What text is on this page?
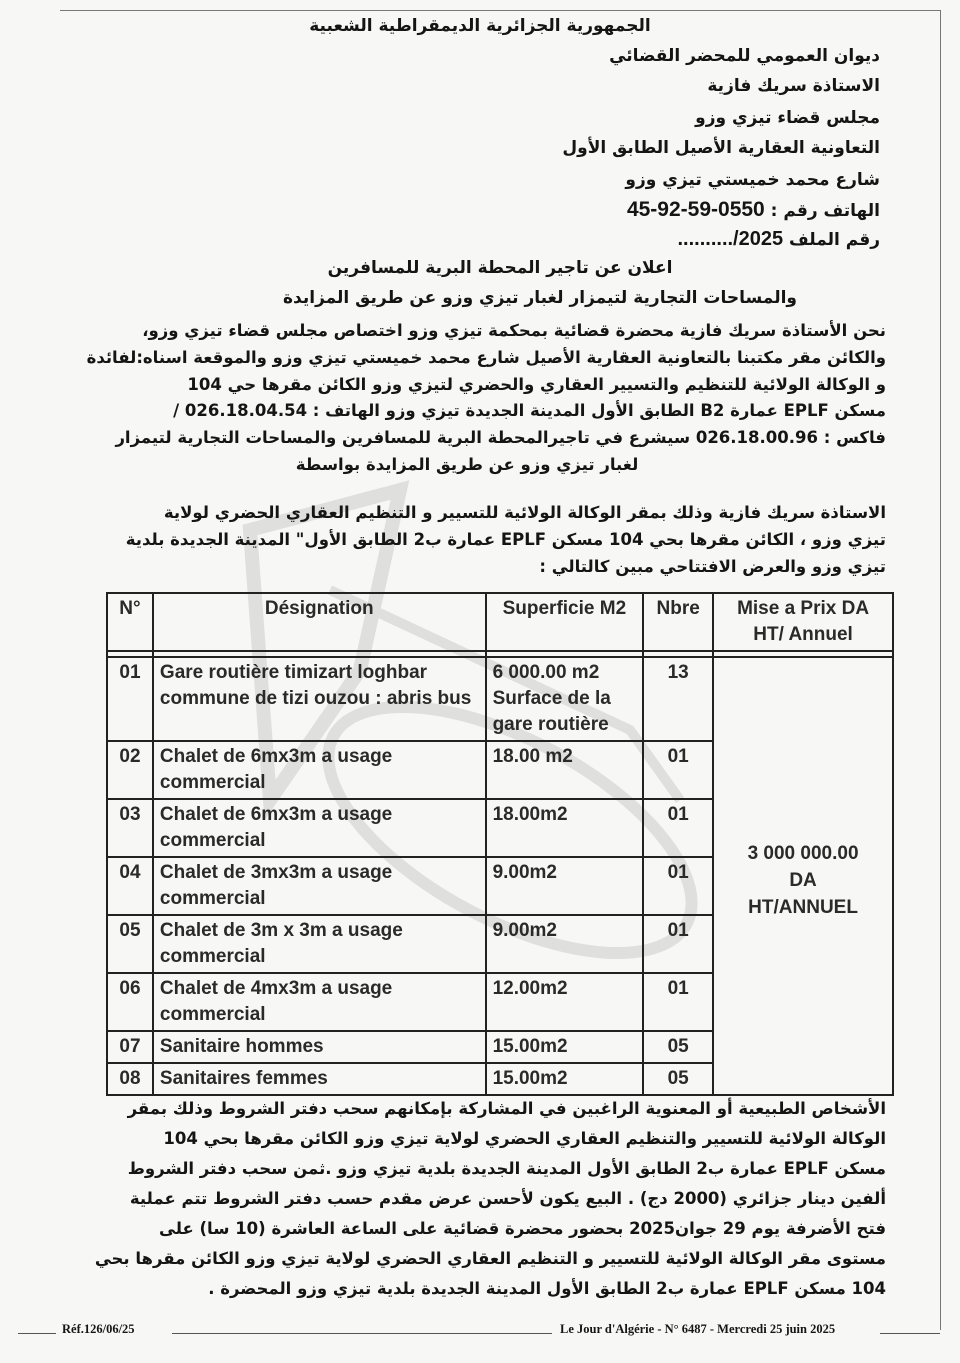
الجمهورية الجزائرية الديمقراطية الشعبية
ديوان العمومي للمحضر القضائي
الاستاذة سريك فازية
مجلس قضاء تيزي وزو
التعاونية العقارية الأصيل الطابق الأول
شارع محمد خميستي تيزي وزو
الهاتف رقم : 0550-59-92-45
رقم الملف 2025/..........
اعلان عن تاجير المحطة البرية للمسافرين
والمساحات التجارية لتيمزار لغبار تيزي وزو عن طريق المزايدة
نحن الأستاذة سريك فازية محضرة قضائية بمحكمة تيزي وزو اختصاص مجلس قضاء تيزي وزو،
والكائن مقر مكتبنا بالتعاونية العقارية الأصيل شارع محمد خميستي تيزي وزو والموقعة اسناه:لفائدة
و الوكالة الولائية للتنظيم والتسيير العقاري والحضري لتيزي وزو الكائن مقرها حي 104
مسكن EPLF عمارة B2 الطابق الأول المدينة الجديدة تيزي وزو الهاتف : 026.18.04.54 /
فاكس : 026.18.00.96 سيشرع في تاجيرالمحطة البرية للمسافرين والمساحات التجارية لتيمزار
لغبار تيزي وزو عن طريق المزايدة بواسطة
الاستاذة سريك فازية وذلك بمقر الوكالة الولائية للتسيير و التنظيم العقاري الحضري لولاية
تيزي وزو ، الكائن مقرها بحي 104 مسكن EPLF عمارة ب2 الطابق الأول" المدينة الجديدة بلدية
تيزي وزو والعرض الافتتاحي مبين كالتالي :
N°	Désignation	Superficie M2	Nbre	Mise a Prix DA HT/ Annuel

01	Gare routière timizart loghbar commune de tizi ouzou : abris bus	6 000.00 m2 Surface de la gare routière	13	3 000 000.00 DA HT/ANNUEL

02	Chalet de 6mx3m a usage commercial	18.00 m2	01	
03	Chalet de 6mx3m a usage commercial	18.00m2	01	
04	Chalet de 3mx3m a usage commercial	9.00m2	01	
05	Chalet de 3m x 3m a usage commercial	9.00m2	01	
06	Chalet de 4mx3m a usage commercial	12.00m2	01	
07	Sanitaire hommes	15.00m2	05	
08	Sanitaires femmes	15.00m2	05	
الأشخاص الطبيعية أو المعنوية الراغبين في المشاركة بإمكانهم سحب دفتر الشروط وذلك بمقر
الوكالة الولائية للتسيير والتنظيم العقاري الحضري لولاية تيزي وزو الكائن مقرها بحي 104
مسكن EPLF عمارة ب2 الطابق الأول المدينة الجديدة بلدية تيزي وزو .ثمن سحب دفتر الشروط
ألفين دينار جزائري (2000 دج) . البيع يكون لأحسن عرض مقدم حسب دفتر الشروط تتم عملية
فتح الأضرفة يوم 29 جوان2025 بحضور محضرة قضائية على الساعة العاشرة (10 سا) على
مستوى مقر الوكالة الولائية للتسيير و التنظيم العقاري الحضري لولاية تيزي وزو الكائن مقرها بحي
104 مسكن EPLF عمارة ب2 الطابق الأول المدينة الجديدة بلدية تيزي وزو المحضرة .
Réf.126/06/25	Le Jour d'Algérie - N° 6487 - Mercredi 25 juin 2025
